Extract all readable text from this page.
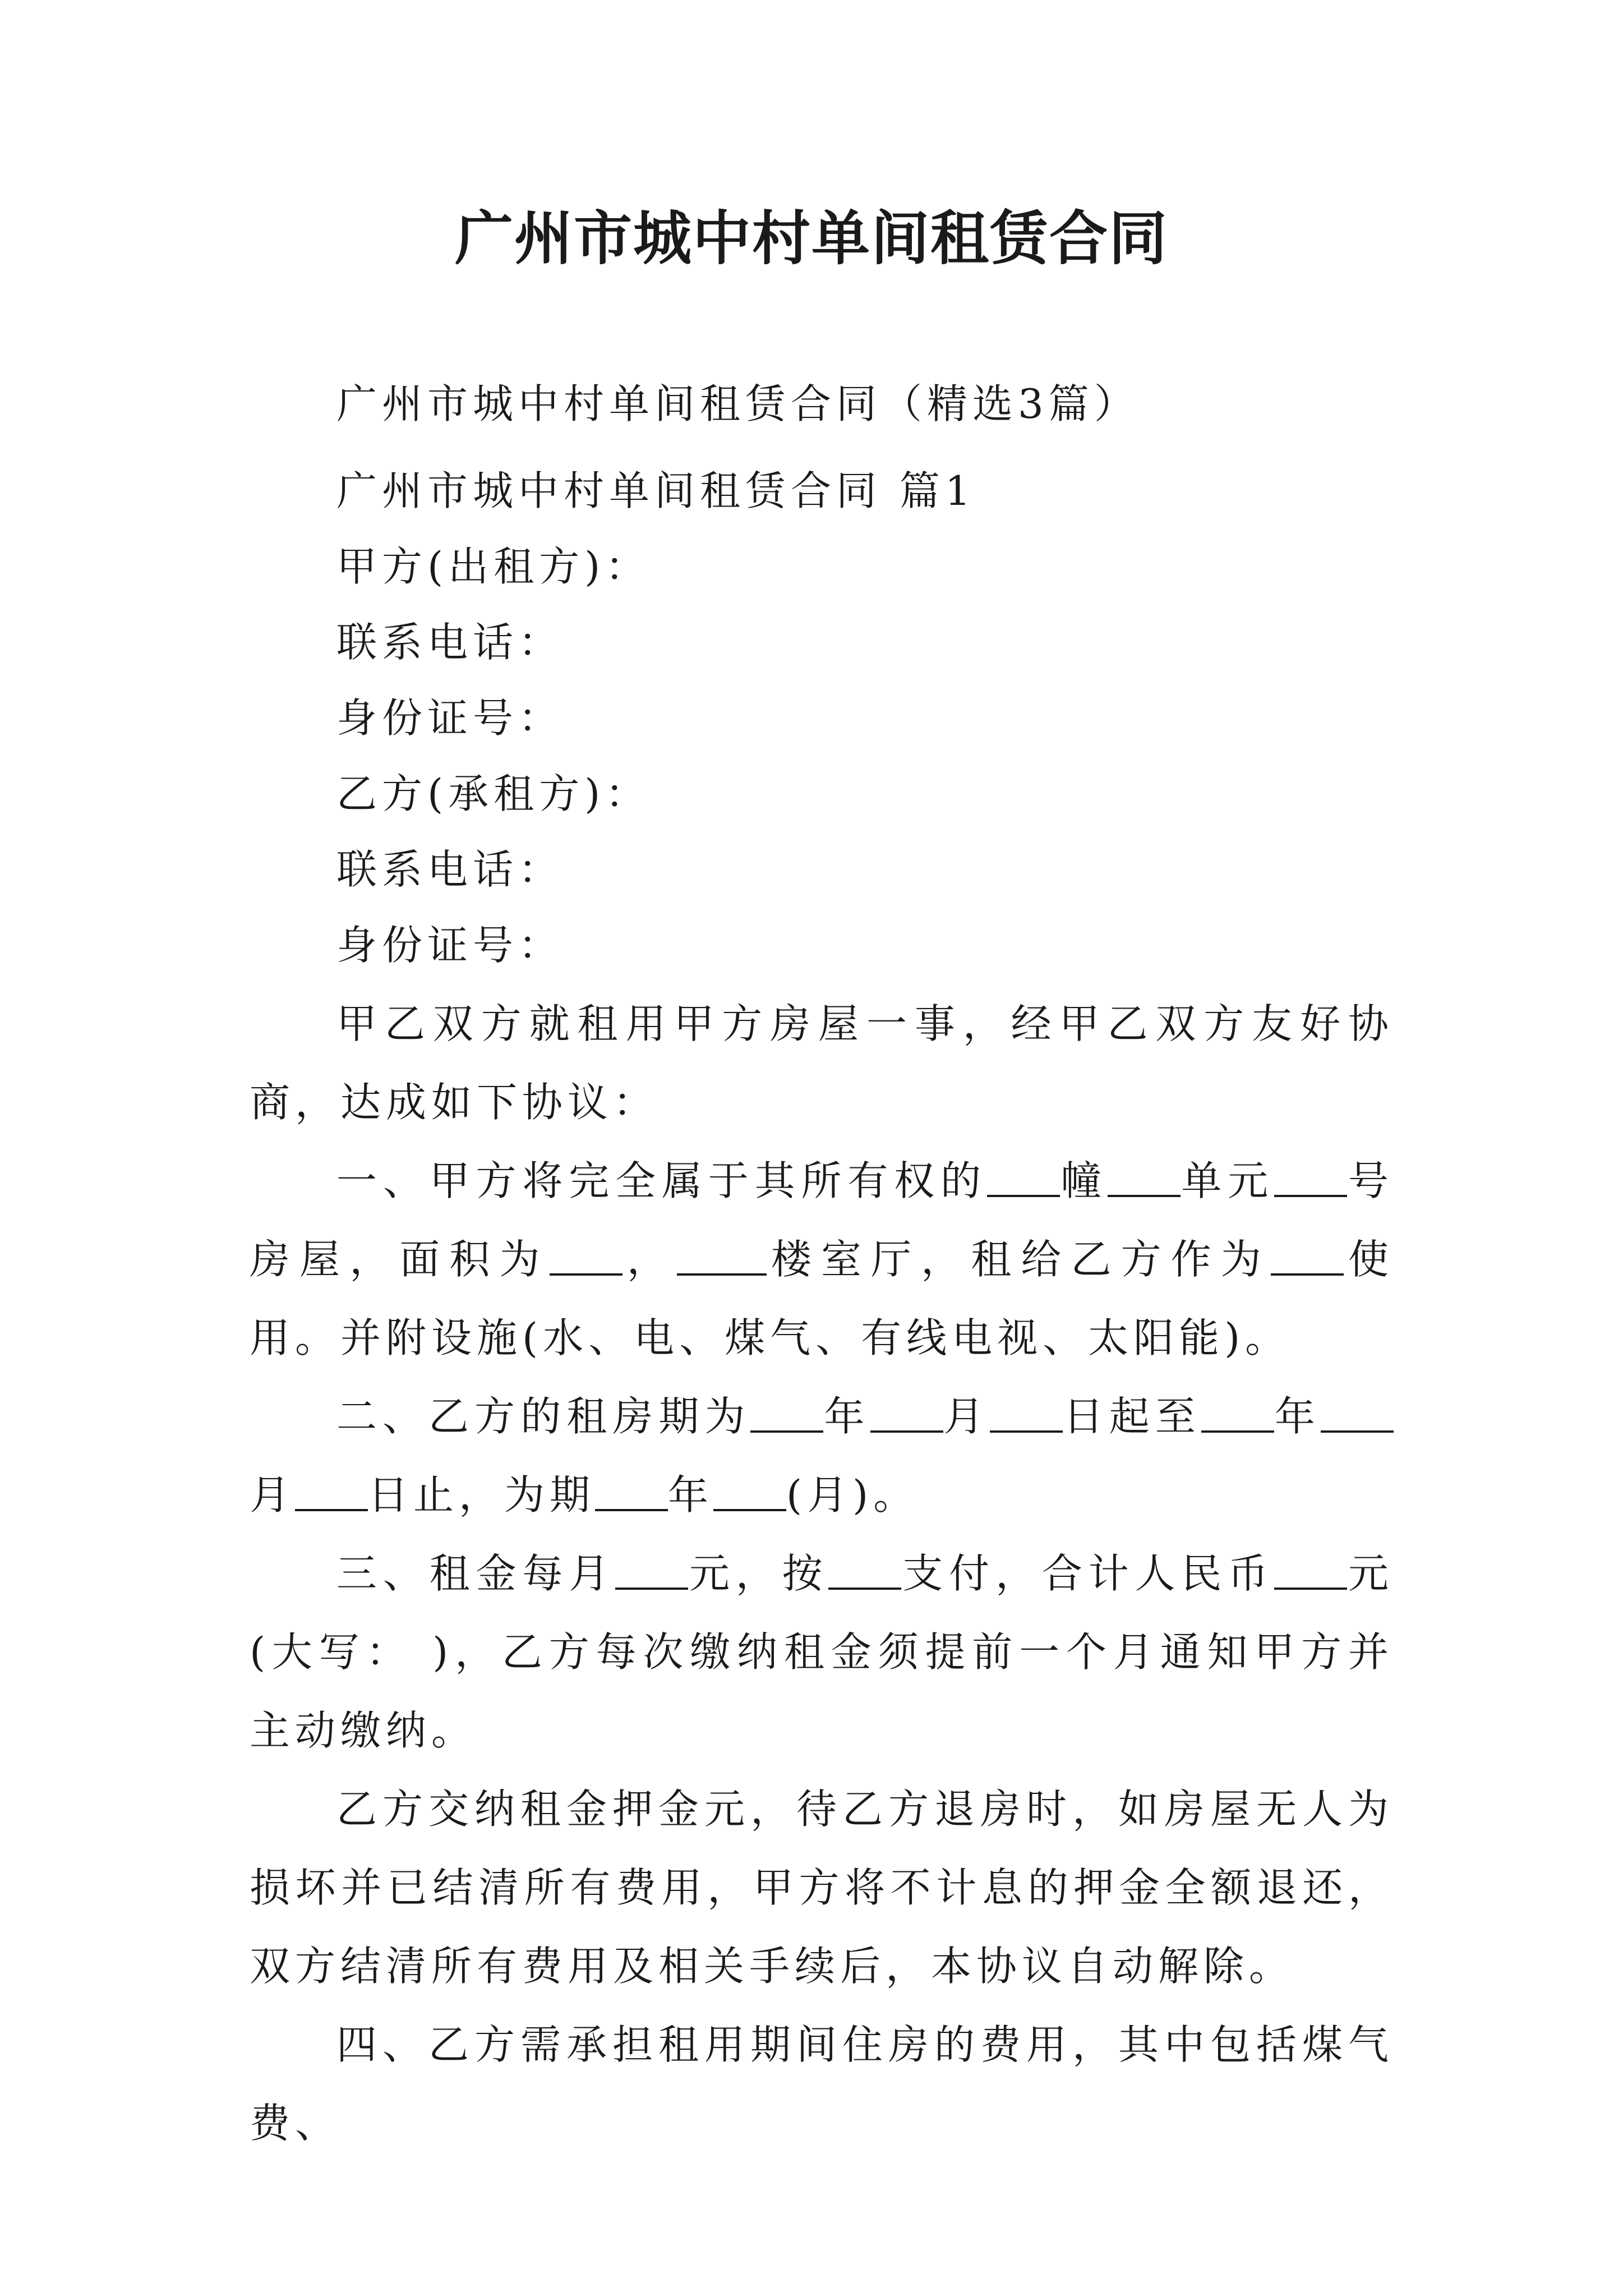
广州市城中村单间租赁合同
广州市城中村单间租赁合同（精选3篇）
广州市城中村单间租赁合同 篇1
甲方(出租方)：
联系电话：
身份证号：
乙方(承租方)：
联系电话：
身份证号：
甲乙双方就租用甲方房屋一事，经甲乙双方友好协商，达成如下协议：
一、甲方将完全属于其所有权的 幢 单元 号房屋，面积为 ， 楼室厅，租给乙方作为 使用。并附设施(水、电、煤气、有线电视、太阳能)。
二、乙方的租房期为 年 月 日起至 年月 日止，为期 年 (月)。
三、租金每月 元，按 支付，合计人民币 元(大写： )，乙方每次缴纳租金须提前一个月通知甲方并主动缴纳。
乙方交纳租金押金元，待乙方退房时，如房屋无人为损坏并已结清所有费用，甲方将不计息的押金全额退还，双方结清所有费用及相关手续后，本协议自动解除。
四、乙方需承担租用期间住房的费用，其中包括煤气费、
